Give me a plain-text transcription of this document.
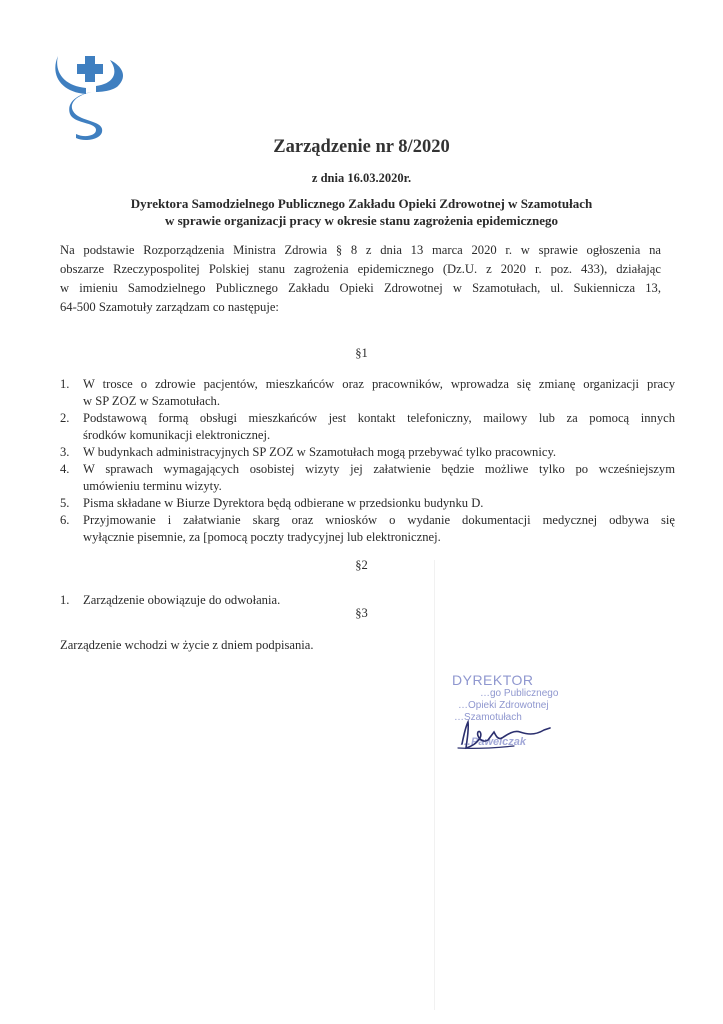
Zarządzenie nr 8/2020
z dnia 16.03.2020r.
Dyrektora Samodzielnego Publicznego Zakładu Opieki Zdrowotnej w Szamotułach
w sprawie organizacji pracy w okresie stanu zagrożenia epidemicznego
Na podstawie Rozporządzenia Ministra Zdrowia § 8 z dnia 13 marca 2020 r. w sprawie ogłoszenia na
obszarze Rzeczypospolitej Polskiej stanu zagrożenia epidemicznego (Dz.U. z 2020 r. poz. 433), działając
w imieniu Samodzielnego Publicznego Zakładu Opieki Zdrowotnej w Szamotułach, ul. Sukiennicza 13,
64-500 Szamotuły zarządzam co następuje:
§1
1. W trosce o zdrowie pacjentów, mieszkańców oraz pracowników, wprowadza się zmianę organizacji pracy
w SP ZOZ w Szamotułach.
2. Podstawową formą obsługi mieszkańców jest kontakt telefoniczny, mailowy lub za pomocą innych
środków komunikacji elektronicznej.
3. W budynkach administracyjnych SP ZOZ w Szamotułach mogą przebywać tylko pracownicy.
4. W sprawach wymagających osobistej wizyty jej załatwienie będzie możliwe tylko po wcześniejszym
umówieniu terminu wizyty.
5. Pisma składane w Biurze Dyrektora będą odbierane w przedsionku budynku D.
6. Przyjmowanie i załatwianie skarg oraz wniosków o wydanie dokumentacji medycznej odbywa się
wyłącznie pisemnie, za [pomocą poczty tradycyjnej lub elektronicznej.
§2
1. Zarządzenie obowiązuje do odwołania.
§3
Zarządzenie wchodzi w życie z dniem podpisania.
DYREKTOR
…go Publicznego
…Opieki Zdrowotnej
…Szamotułach
…Pawelczak
